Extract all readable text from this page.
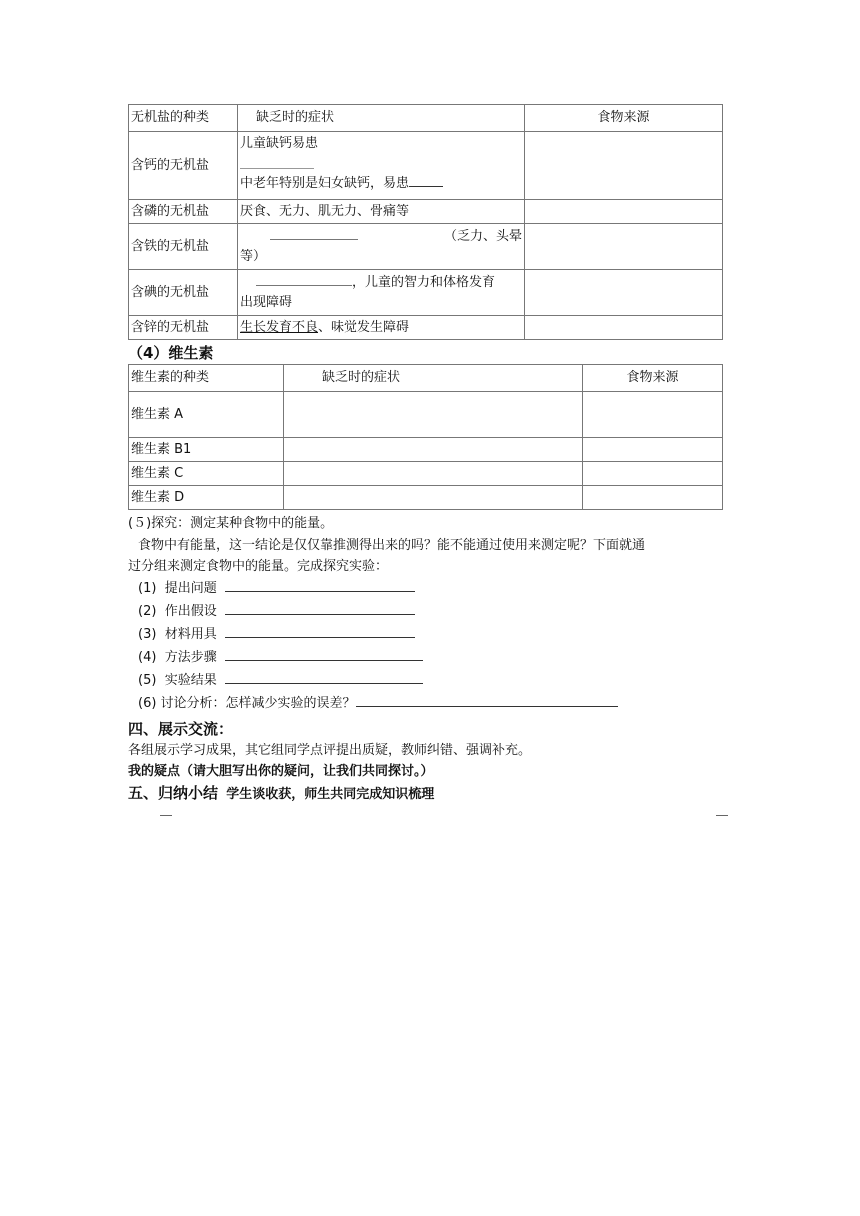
无机盐的种类	缺乏时的症状	食物来源
含钙的无机盐	儿童缺钙易患
中老年特别是妇女缺钙，易患	

含磷的无机盐	厌食、无力、肌无力、骨痛等	
含铁的无机盐	（乏力、头晕
等）	

含碘的无机盐	，儿童的智力和体格发育
出现障碍	

含锌的无机盐	生长发育不良、味觉发生障碍	
（4）维生素
维生素的种类	缺乏时的症状	食物来源
维生素 A		
维生素 B1		
维生素 C		
维生素 D		
(５)探究：测定某种食物中的能量。
食物中有能量，这一结论是仅仅靠推测得出来的吗？能不能通过使用来测定呢？下面就通
过分组来测定食物中的能量。完成探究实验：
(1) 提出问题
(2) 作出假设
(3) 材料用具
(4) 方法步骤
(5) 实验结果
(6) 讨论分析：怎样减少实验的误差？
四、展示交流：
各组展示学习成果，其它组同学点评提出质疑，教师纠错、强调补充。
我的疑点（请大胆写出你的疑问，让我们共同探讨。）
五、归纳小结 学生谈收获，师生共同完成知识梳理
